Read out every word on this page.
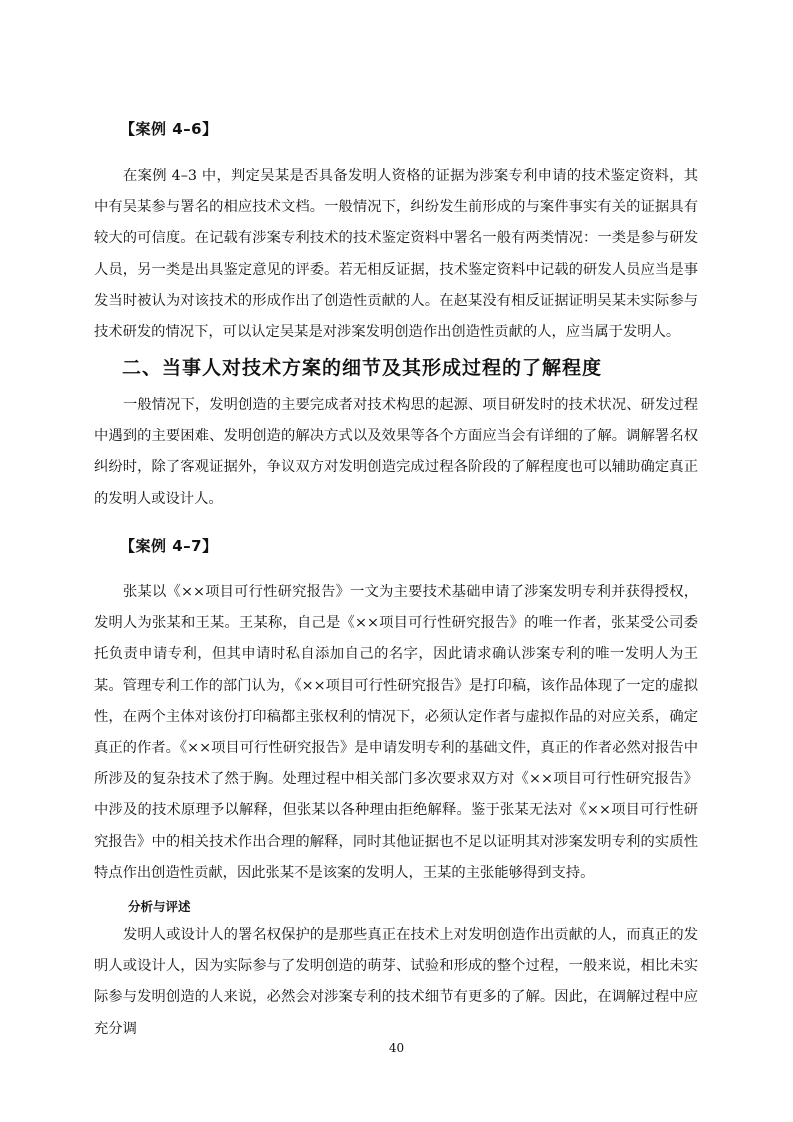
【案例 4–6】

在案例 4–3 中，判定吴某是否具备发明人资格的证据为涉案专利申请的技术鉴定资料，其中有吴某参与署名的相应技术文档。一般情况下，纠纷发生前形成的与案件事实有关的证据具有较大的可信度。在记载有涉案专利技术的技术鉴定资料中署名一般有两类情况：一类是参与研发人员，另一类是出具鉴定意见的评委。若无相反证据，技术鉴定资料中记载的研发人员应当是事发当时被认为对该技术的形成作出了创造性贡献的人。在赵某没有相反证据证明吴某未实际参与技术研发的情况下，可以认定吴某是对涉案发明创造作出创造性贡献的人，应当属于发明人。

二、当事人对技术方案的细节及其形成过程的了解程度

一般情况下，发明创造的主要完成者对技术构思的起源、项目研发时的技术状况、研发过程中遇到的主要困难、发明创造的解决方式以及效果等各个方面应当会有详细的了解。调解署名权纠纷时，除了客观证据外，争议双方对发明创造完成过程各阶段的了解程度也可以辅助确定真正的发明人或设计人。

【案例 4–7】

张某以《××项目可行性研究报告》一文为主要技术基础申请了涉案发明专利并获得授权，发明人为张某和王某。王某称，自己是《××项目可行性研究报告》的唯一作者，张某受公司委托负责申请专利，但其申请时私自添加自己的名字，因此请求确认涉案专利的唯一发明人为王某。管理专利工作的部门认为，《××项目可行性研究报告》是打印稿，该作品体现了一定的虚拟性，在两个主体对该份打印稿都主张权利的情况下，必须认定作者与虚拟作品的对应关系，确定真正的作者。《××项目可行性研究报告》是申请发明专利的基础文件，真正的作者必然对报告中所涉及的复杂技术了然于胸。处理过程中相关部门多次要求双方对《××项目可行性研究报告》中涉及的技术原理予以解释，但张某以各种理由拒绝解释。鉴于张某无法对《××项目可行性研究报告》中的相关技术作出合理的解释，同时其他证据也不足以证明其对涉案发明专利的实质性特点作出创造性贡献，因此张某不是该案的发明人，王某的主张能够得到支持。

分析与评述

发明人或设计人的署名权保护的是那些真正在技术上对发明创造作出贡献的人，而真正的发明人或设计人，因为实际参与了发明创造的萌芽、试验和形成的整个过程，一般来说，相比未实际参与发明创造的人来说，必然会对涉案专利的技术细节有更多的了解。因此，在调解过程中应充分调

40
